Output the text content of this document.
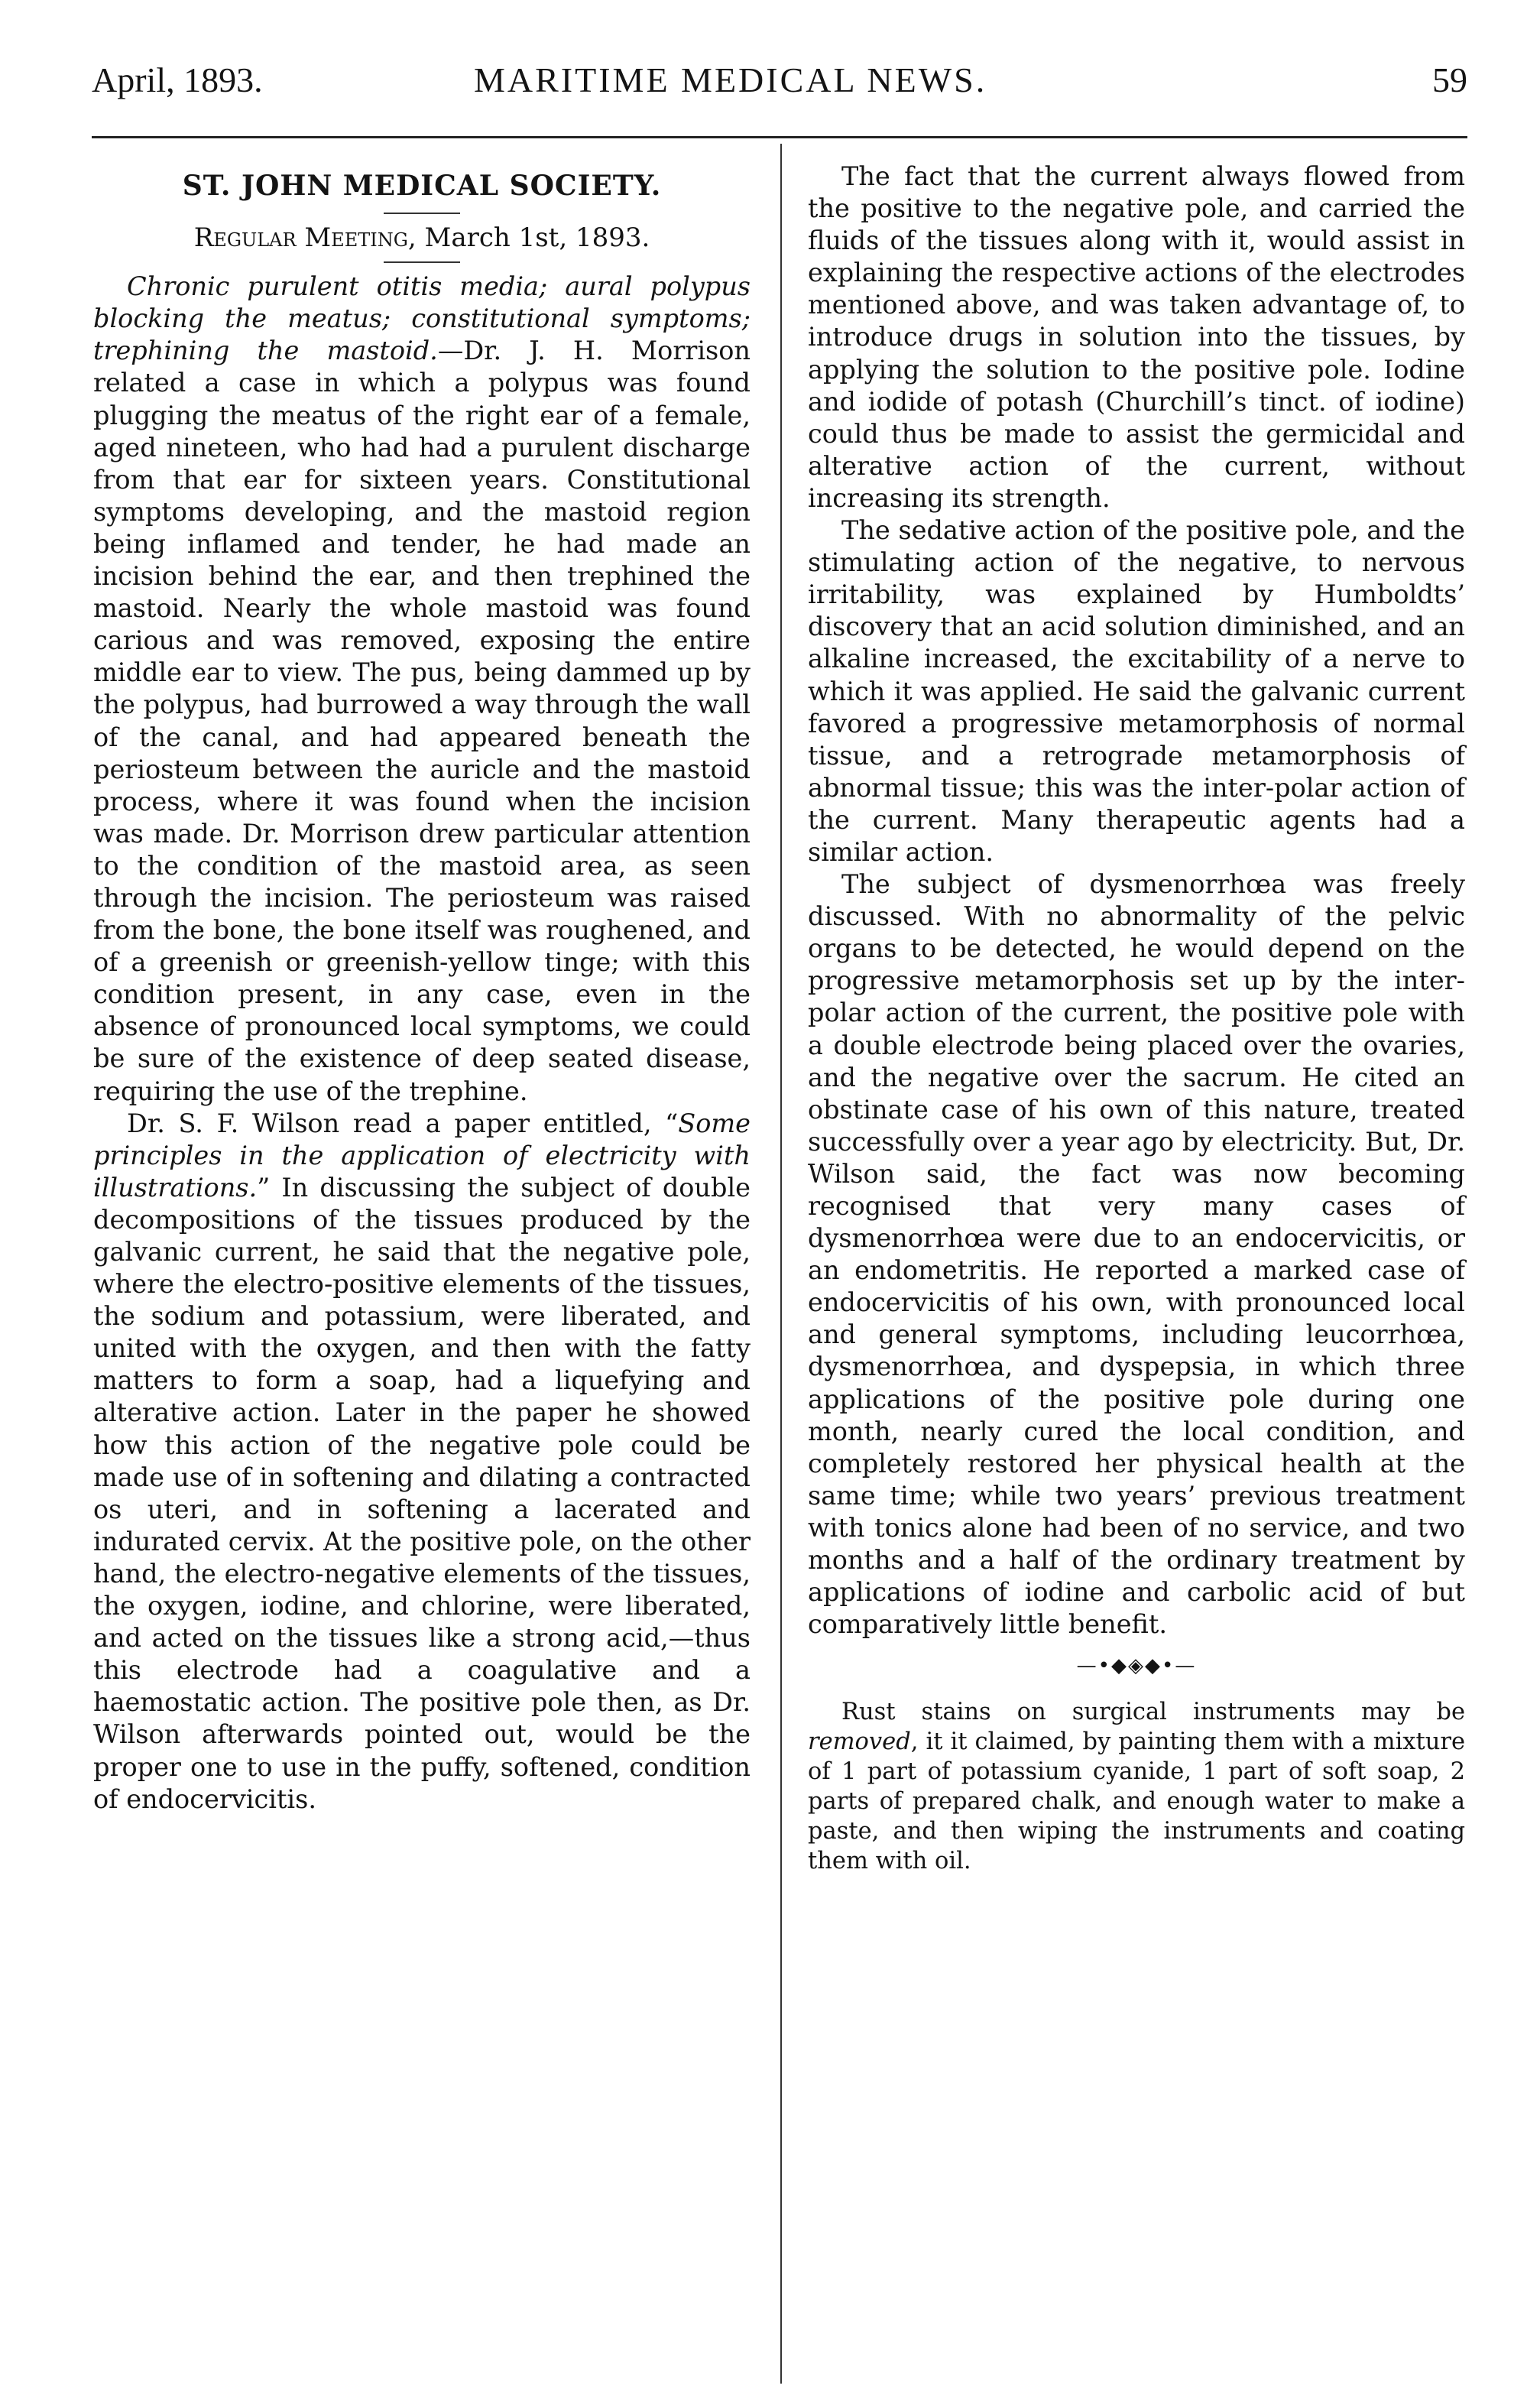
April, 1893.	MARITIME MEDICAL NEWS.	59
ST. JOHN MEDICAL SOCIETY.
Regular Meeting, March 1st, 1893.

Chronic purulent otitis media; aural polypus blocking the meatus; constitutional symptoms; trephining the mastoid.—Dr. J. H. Morrison related a case in which a polypus was found plugging the meatus of the right ear of a female, aged nineteen, who had had a purulent discharge from that ear for sixteen years. Constitutional symptoms developing, and the mastoid region being inflamed and tender, he had made an incision behind the ear, and then trephined the mastoid. Nearly the whole mastoid was found carious and was removed, exposing the entire middle ear to view. The pus, being dammed up by the polypus, had burrowed a way through the wall of the canal, and had appeared beneath the periosteum between the auricle and the mastoid process, where it was found when the incision was made. Dr. Morrison drew particular attention to the condition of the mastoid area, as seen through the incision. The periosteum was raised from the bone, the bone itself was roughened, and of a greenish or greenish-yellow tinge; with this condition present, in any case, even in the absence of pronounced local symptoms, we could be sure of the existence of deep seated disease, requiring the use of the trephine.

Dr. S. F. Wilson read a paper entitled, “Some principles in the application of electricity with illustrations.” In discussing the subject of double decompositions of the tissues produced by the galvanic current, he said that the negative pole, where the electro-positive elements of the tissues, the sodium and potassium, were liberated, and united with the oxygen, and then with the fatty matters to form a soap, had a liquefying and alterative action. Later in the paper he showed how this action of the negative pole could be made use of in softening and dilating a contracted os uteri, and in softening a lacerated and indurated cervix. At the positive pole, on the other hand, the electro-negative elements of the tissues, the oxygen, iodine, and chlorine, were liberated, and acted on the tissues like a strong acid,—thus this electrode had a coagulative and a haemostatic action. The positive pole then, as Dr. Wilson afterwards pointed out, would be the proper one to use in the puffy, softened, condition of endocervicitis.

The fact that the current always flowed from the positive to the negative pole, and carried the fluids of the tissues along with it, would assist in explaining the respective actions of the electrodes mentioned above, and was taken advantage of, to introduce drugs in solution into the tissues, by applying the solution to the positive pole. Iodine and iodide of potash (Churchill’s tinct. of iodine) could thus be made to assist the germicidal and alterative action of the current, without increasing its strength.

The sedative action of the positive pole, and the stimulating action of the negative, to nervous irritability, was explained by Humboldts’ discovery that an acid solution diminished, and an alkaline increased, the excitability of a nerve to which it was applied. He said the galvanic current favored a progressive metamorphosis of normal tissue, and a retrograde metamorphosis of abnormal tissue; this was the inter-polar action of the current. Many therapeutic agents had a similar action.

The subject of dysmenorrhœa was freely discussed. With no abnormality of the pelvic organs to be detected, he would depend on the progressive metamorphosis set up by the inter-polar action of the current, the positive pole with a double electrode being placed over the ovaries, and the negative over the sacrum. He cited an obstinate case of his own of this nature, treated successfully over a year ago by electricity. But, Dr. Wilson said, the fact was now becoming recognised that very many cases of dysmenorrhœa were due to an endocervicitis, or an endometritis. He reported a marked case of endocervicitis of his own, with pronounced local and general symptoms, including leucorrhœa, dysmenorrhœa, and dyspepsia, in which three applications of the positive pole during one month, nearly cured the local condition, and completely restored her physical health at the same time; while two years’ previous treatment with tonics alone had been of no service, and two months and a half of the ordinary treatment by applications of iodine and carbolic acid of but comparatively little benefit.

—•◆◈◆•—

Rust stains on surgical instruments may be removed, it it claimed, by painting them with a mixture of 1 part of potassium cyanide, 1 part of soft soap, 2 parts of prepared chalk, and enough water to make a paste, and then wiping the instruments and coating them with oil.
